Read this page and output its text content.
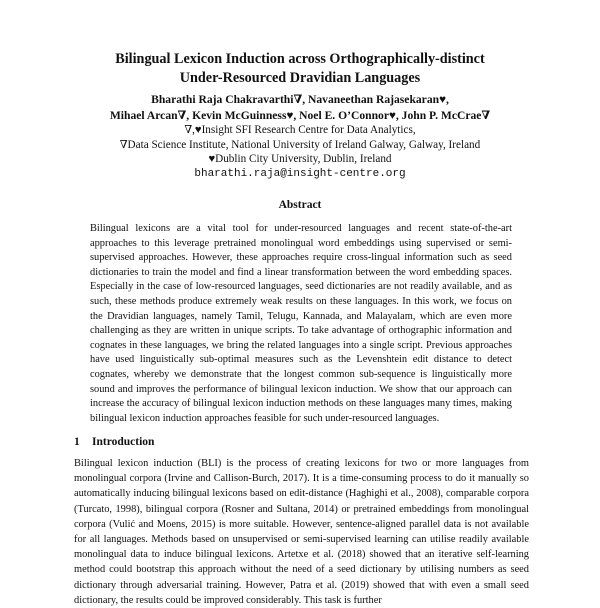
Bilingual Lexicon Induction across Orthographically-distinct
Under-Resourced Dravidian Languages
Bharathi Raja Chakravarthi∇, Navaneethan Rajasekaran♥,
Mihael Arcan∇, Kevin McGuinness♥, Noel E. O’Connor♥, John P. McCrae∇
∇,♥Insight SFI Research Centre for Data Analytics,
∇Data Science Institute, National University of Ireland Galway, Galway, Ireland
♥Dublin City University, Dublin, Ireland
bharathi.raja@insight-centre.org
Abstract

Bilingual lexicons are a vital tool for under-resourced languages and recent state-of-the-art approaches to this leverage pretrained monolingual word embeddings using supervised or semi-supervised approaches. However, these approaches require cross-lingual information such as seed dictionaries to train the model and find a linear transformation between the word embedding spaces. Especially in the case of low-resourced languages, seed dictionaries are not readily available, and as such, these methods produce extremely weak results on these languages. In this work, we focus on the Dravidian languages, namely Tamil, Telugu, Kannada, and Malayalam, which are even more challenging as they are written in unique scripts. To take advantage of orthographic information and cognates in these languages, we bring the related languages into a single script. Previous approaches have used linguistically sub-optimal measures such as the Levenshtein edit distance to detect cognates, whereby we demonstrate that the longest common sub-sequence is linguistically more sound and improves the performance of bilingual lexicon induction. We show that our approach can increase the accuracy of bilingual lexicon induction methods on these languages many times, making bilingual lexicon induction approaches feasible for such under-resourced languages.

1 Introduction

Bilingual lexicon induction (BLI) is the process of creating lexicons for two or more languages from monolingual corpora (Irvine and Callison-Burch, 2017). It is a time-consuming process to do it manually so automatically inducing bilingual lexicons based on edit-distance (Haghighi et al., 2008), comparable corpora (Turcato, 1998), bilingual corpora (Rosner and Sultana, 2014) or pretrained embeddings from monolingual corpora (Vulić and Moens, 2015) is more suitable. However, sentence-aligned parallel data is not available for all languages. Methods based on unsupervised or semi-supervised learning can utilise readily available monolingual data to induce bilingual lexicons. Artetxe et al. (2018) showed that an iterative self-learning method could bootstrap this approach without the need of a seed dictionary by utilising numbers as seed dictionary through adversarial training. However, Patra et al. (2019) showed that with even a small seed dictionary, the results could be improved considerably. This task is further
